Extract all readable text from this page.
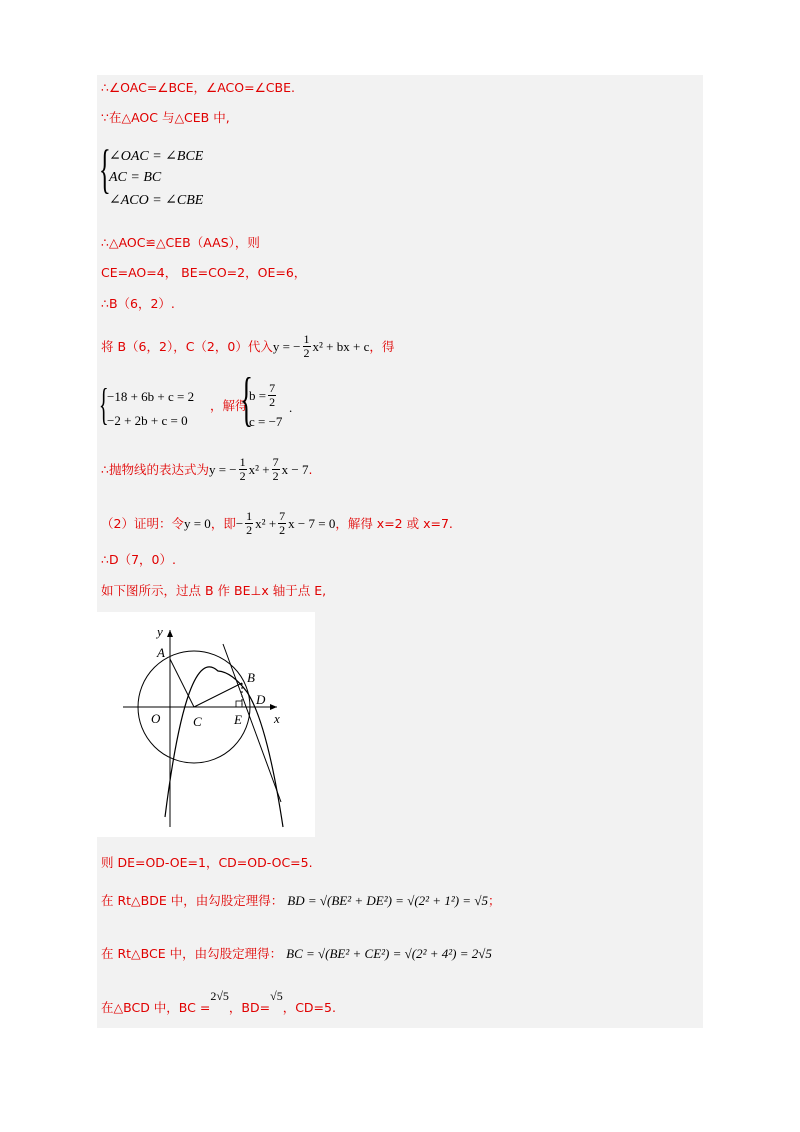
∴∠OAC=∠BCE，∠ACO=∠CBE.
∵在△AOC 与△CEB 中,
{
∠OAC = ∠BCE
AC = BC
∠ACO = ∠CBE
∴△AOC≌△CEB（AAS），则
CE=AO=4， BE=CO=2，OE=6，
∴B（6，2）.
将 B（6，2），C（2，0）代入 y = − $\frac{1}{2} x^2$ + bx + c ，得
{
−18 + 6b + c = 2
−2 + 2b + c = 0
，解得
{
$b = \frac{7}{2}$
c = −7
.
∴抛物线的表达式为 y = − $\frac{1}{2} x^2 + \frac{7}{2}$ x − 7 .
（2）证明：令 y = 0 ，即 − $\frac{1}{2} x^2 + \frac{7}{2}$ x − 7 = 0 ，解得 x=2 或 x=7.
∴D（7，0）.
如下图所示，过点 B 作 BE⊥x 轴于点 E,
y
x
A
O	C
B
E
D
则 DE=OD-OE=1，CD=OD-OC=5.
在 Rt△BDE 中，由勾股定理得： BD = √(BE² + DE²) = √(2² + 1²) = √5 ；
在 Rt△BCE 中，由勾股定理得： BC = √(BE² + CE²) = √(2² + 4²) = 2√5
在△BCD 中，BC =
2√5
，BD=
√5
，CD=5.
